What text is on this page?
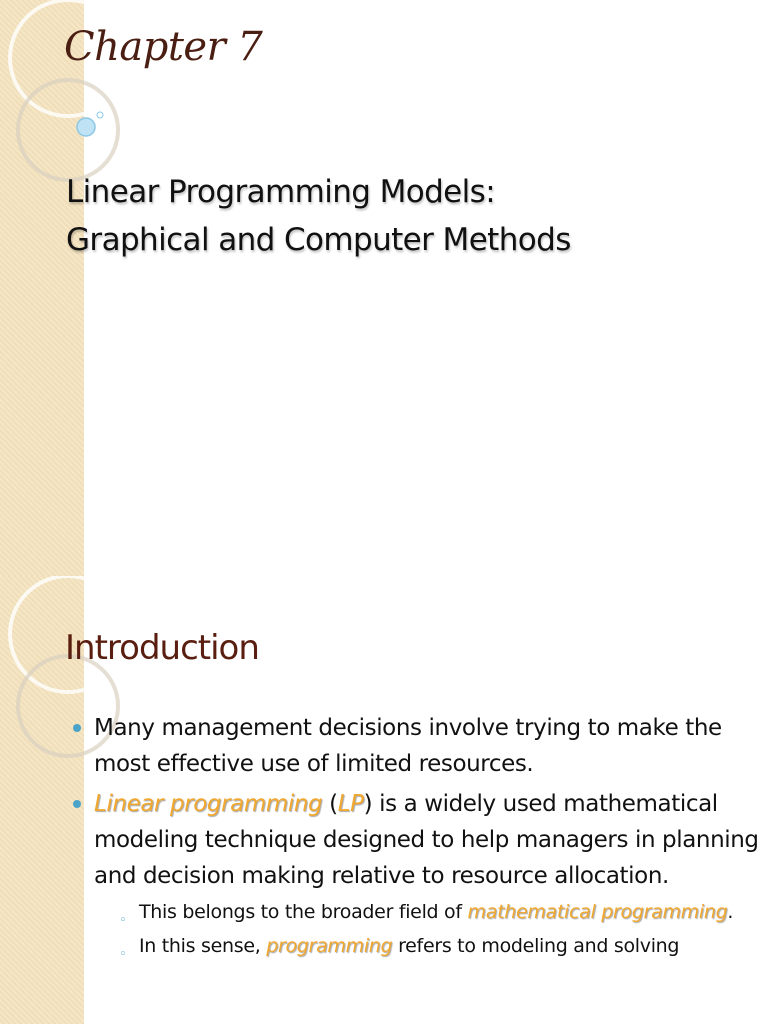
Chapter 7
Linear Programming Models:
Graphical and Computer Methods
Introduction
Many management decisions involve trying to make the most effective use of limited resources.
Linear programming (LP) is a widely used mathematical modeling technique designed to help managers in planning and decision making relative to resource allocation.
◦ This belongs to the broader field of mathematical programming.
◦ In this sense, programming refers to modeling and solving
